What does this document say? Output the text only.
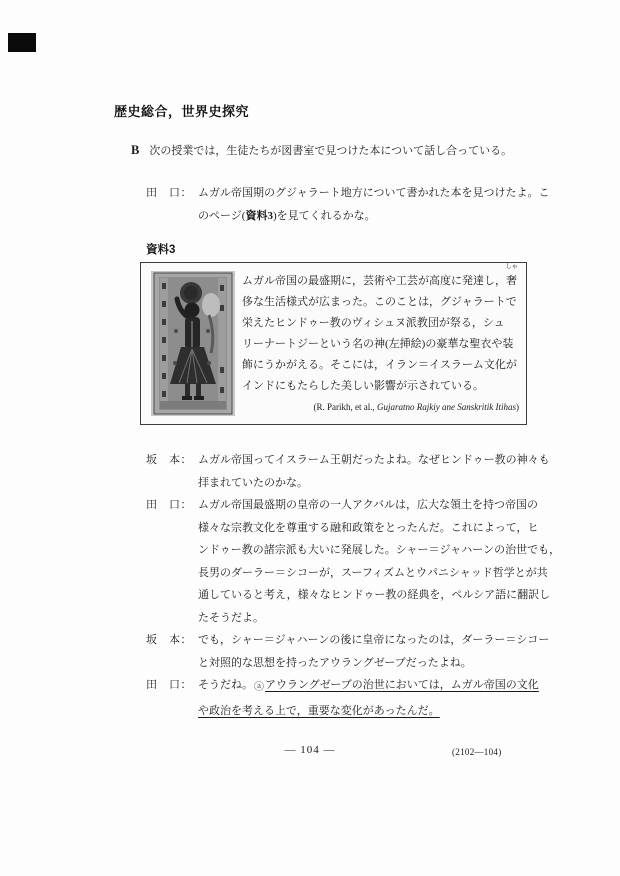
歴史総合，世界史探究
B 次の授業では，生徒たちが図書室で見つけた本について話し合っている。
田　口： ムガル帝国期のグジャラート地方について書かれた本を見つけたよ。こ
のページ(資料3)を見てくれるかな。
資料3
ムガル帝国の最盛期に，芸術や工芸が高度に発達し，奢
しゃ
侈な生活様式が広まった。このことは，グジャラートで
栄えたヒンドゥー教のヴィシュヌ派教団が祭る，シュ
リーナートジーという名の神(左挿絵)の豪華な聖衣や装
飾にうかがえる。そこには，イラン＝イスラーム文化が
インドにもたらした美しい影響が示されている。
(R. Parikh, et al., Gujaratno Rajkiy ane Sanskritik Itihas)
坂　本： ムガル帝国ってイスラーム王朝だったよね。なぜヒンドゥー教の神々も
拝まれていたのかな。
田　口： ムガル帝国最盛期の皇帝の一人アクバルは，広大な領土を持つ帝国の
様々な宗教文化を尊重する融和政策をとったんだ。これによって，ヒ
ンドゥー教の諸宗派も大いに発展した。シャー＝ジャハーンの治世でも，
長男のダーラー＝シコーが，スーフィズムとウパニシャッド哲学とが共
通していると考え，様々なヒンドゥー教の経典を，ペルシア語に翻訳し
たそうだよ。
坂　本： でも，シャー＝ジャハーンの後に皇帝になったのは，ダーラー＝シコー
と対照的な思想を持ったアウラングゼーブだったよね。
田　口： そうだね。ⓐアウラングゼーブの治世においては，ムガル帝国の文化
や政治を考える上で，重要な変化があったんだ。
— 104 —	(2102—104)
